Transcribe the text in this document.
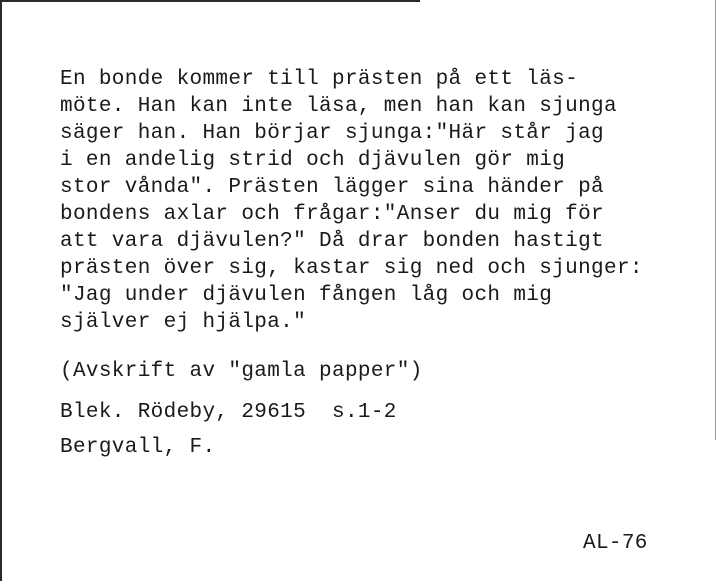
En bonde kommer till prästen på ett läs-
möte. Han kan inte läsa, men han kan sjunga
säger han. Han börjar sjunga:"Här står jag
i en andelig strid och djävulen gör mig
stor vånda". Prästen lägger sina händer på
bondens axlar och frågar:"Anser du mig för
att vara djävulen?" Då drar bonden hastigt
prästen över sig, kastar sig ned och sjunger:
"Jag under djävulen fången låg och mig
själver ej hjälpa."
(Avskrift av "gamla papper")
Blek. Rödeby, 29615  s.1-2
Bergvall, F.
AL-76
